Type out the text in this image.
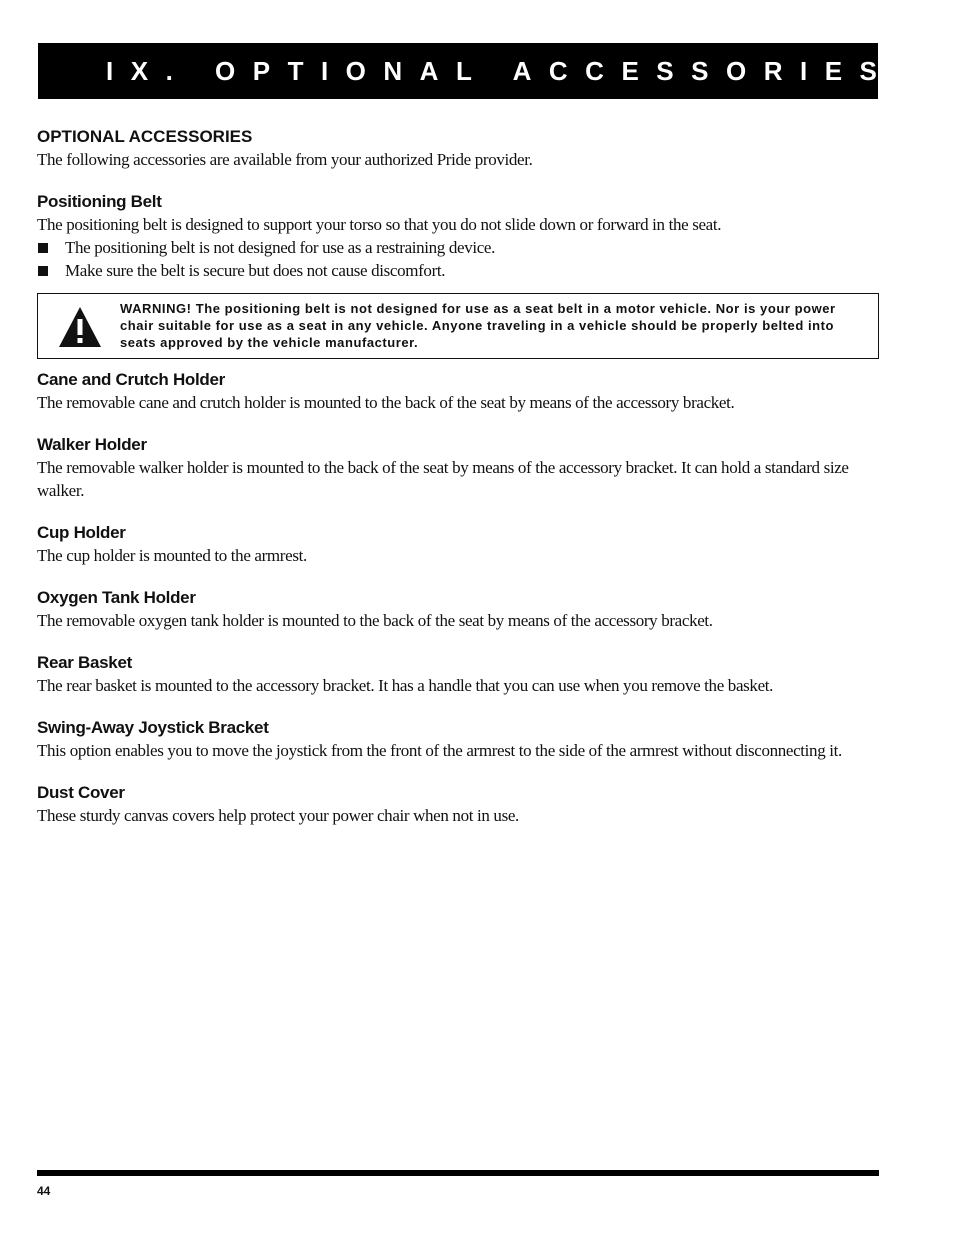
IX. OPTIONAL ACCESSORIES
OPTIONAL ACCESSORIES

The following accessories are available from your authorized Pride provider.

Positioning Belt

The positioning belt is designed to support your torso so that you do not slide down or forward in the seat.

The positioning belt is not designed for use as a restraining device.
Make sure the belt is secure but does not cause discomfort.

WARNING! The positioning belt is not designed for use as a seat belt in a motor vehicle. Nor is your power chair suitable for use as a seat in any vehicle. Anyone traveling in a vehicle should be properly belted into seats approved by the vehicle manufacturer.

Cane and Crutch Holder

The removable cane and crutch holder is mounted to the back of the seat by means of the accessory bracket.

Walker Holder

The removable walker holder is mounted to the back of the seat by means of the accessory bracket. It can hold a standard size walker.

Cup Holder

The cup holder is mounted to the armrest.

Oxygen Tank Holder

The removable oxygen tank holder is mounted to the back of the seat by means of the accessory bracket.

Rear Basket

The rear basket is mounted to the accessory bracket. It has a handle that you can use when you remove the basket.

Swing-Away Joystick Bracket

This option enables you to move the joystick from the front of the armrest to the side of the armrest without disconnecting it.

Dust Cover

These sturdy canvas covers help protect your power chair when not in use.

44
